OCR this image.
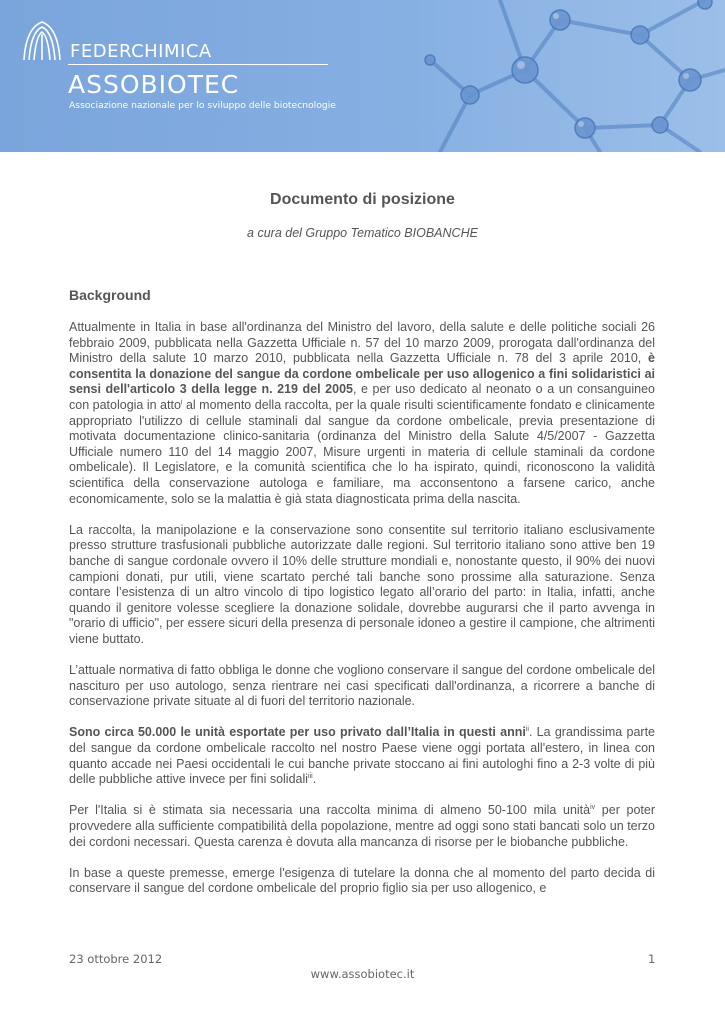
FEDERCHIMICA
ASSOBIOTEC
Associazione nazionale per lo sviluppo delle biotecnologie
Documento di posizione
a cura del Gruppo Tematico BIOBANCHE
Background

Attualmente in Italia in base all'ordinanza del Ministro del lavoro, della salute e delle politiche sociali 26 febbraio 2009, pubblicata nella Gazzetta Ufficiale n. 57 del 10 marzo 2009, prorogata dall'ordinanza del Ministro della salute 10 marzo 2010, pubblicata nella Gazzetta Ufficiale n. 78 del 3 aprile 2010, è consentita la donazione del sangue da cordone ombelicale per uso allogenico a fini solidaristici ai sensi dell'articolo 3 della legge n. 219 del 2005, e per uso dedicato al neonato o a un consanguineo con patologia in atto$^i$ al momento della raccolta, per la quale risulti scientificamente fondato e clinicamente appropriato l'utilizzo di cellule staminali dal sangue da cordone ombelicale, previa presentazione di motivata documentazione clinico-sanitaria (ordinanza del Ministro della Salute 4/5/2007 - Gazzetta Ufficiale numero 110 del 14 maggio 2007, Misure urgenti in materia di cellule staminali da cordone ombelicale). Il Legislatore, e la comunità scientifica che lo ha ispirato, quindi, riconoscono la validità scientifica della conservazione autologa e familiare, ma acconsentono a farsene carico, anche economicamente, solo se la malattia è già stata diagnosticata prima della nascita.

La raccolta, la manipolazione e la conservazione sono consentite sul territorio italiano esclusivamente presso strutture trasfusionali pubbliche autorizzate dalle regioni. Sul territorio italiano sono attive ben 19 banche di sangue cordonale ovvero il 10% delle strutture mondiali e, nonostante questo, il 90% dei nuovi campioni donati, pur utili, viene scartato perché tali banche sono prossime alla saturazione. Senza contare l’esistenza di un altro vincolo di tipo logistico legato all’orario del parto: in Italia, infatti, anche quando il genitore volesse scegliere la donazione solidale, dovrebbe augurarsi che il parto avvenga in "orario di ufficio", per essere sicuri della presenza di personale idoneo a gestire il campione, che altrimenti viene buttato.

L’attuale normativa di fatto obbliga le donne che vogliono conservare il sangue del cordone ombelicale del nascituro per uso autologo, senza rientrare nei casi specificati dall'ordinanza, a ricorrere a banche di conservazione private situate al di fuori del territorio nazionale.

Sono circa 50.000 le unità esportate per uso privato dall’Italia in questi anni$^{ii}$. La grandissima parte del sangue da cordone ombelicale raccolto nel nostro Paese viene oggi portata all'estero, in linea con quanto accade nei Paesi occidentali le cui banche private stoccano ai fini autologhi fino a 2-3 volte di più delle pubbliche attive invece per fini solidali$^{iii}$.

Per l'Italia si è stimata sia necessaria una raccolta minima di almeno 50-100 mila unità$^{iv}$ per poter provvedere alla sufficiente compatibilità della popolazione, mentre ad oggi sono stati bancati solo un terzo dei cordoni necessari. Questa carenza è dovuta alla mancanza di risorse per le biobanche pubbliche.

In base a queste premesse, emerge l'esigenza di tutelare la donna che al momento del parto decida di conservare il sangue del cordone ombelicale del proprio figlio sia per uso allogenico, e

23 ottobre 2012	1
www.assobiotec.it
